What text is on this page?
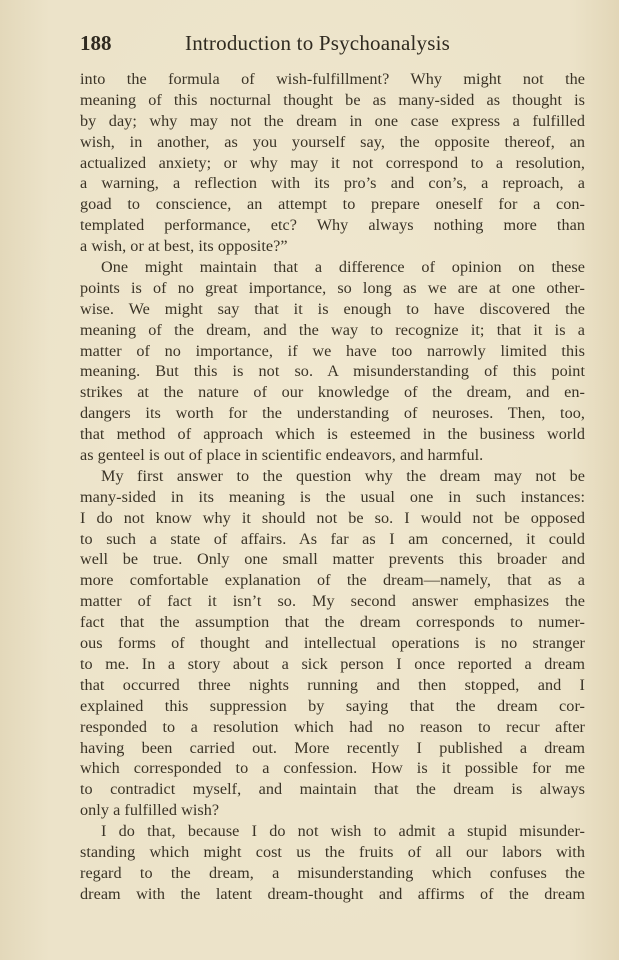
188	Introduction to Psychoanalysis
into the formula of wish-fulfillment? Why might not the
meaning of this nocturnal thought be as many-sided as thought is
by day; why may not the dream in one case express a fulfilled
wish, in another, as you yourself say, the opposite thereof, an
actualized anxiety; or why may it not correspond to a resolution,
a warning, a reflection with its pro’s and con’s, a reproach, a
goad to conscience, an attempt to prepare oneself for a con-
templated performance, etc? Why always nothing more than
a wish, or at best, its opposite?”
One might maintain that a difference of opinion on these
points is of no great importance, so long as we are at one other-
wise. We might say that it is enough to have discovered the
meaning of the dream, and the way to recognize it; that it is a
matter of no importance, if we have too narrowly limited this
meaning. But this is not so. A misunderstanding of this point
strikes at the nature of our knowledge of the dream, and en-
dangers its worth for the understanding of neuroses. Then, too,
that method of approach which is esteemed in the business world
as genteel is out of place in scientific endeavors, and harmful.
My first answer to the question why the dream may not be
many-sided in its meaning is the usual one in such instances:
I do not know why it should not be so. I would not be opposed
to such a state of affairs. As far as I am concerned, it could
well be true. Only one small matter prevents this broader and
more comfortable explanation of the dream—namely, that as a
matter of fact it isn’t so. My second answer emphasizes the
fact that the assumption that the dream corresponds to numer-
ous forms of thought and intellectual operations is no stranger
to me. In a story about a sick person I once reported a dream
that occurred three nights running and then stopped, and I
explained this suppression by saying that the dream cor-
responded to a resolution which had no reason to recur after
having been carried out. More recently I published a dream
which corresponded to a confession. How is it possible for me
to contradict myself, and maintain that the dream is always
only a fulfilled wish?
I do that, because I do not wish to admit a stupid misunder-
standing which might cost us the fruits of all our labors with
regard to the dream, a misunderstanding which confuses the
dream with the latent dream-thought and affirms of the dream
